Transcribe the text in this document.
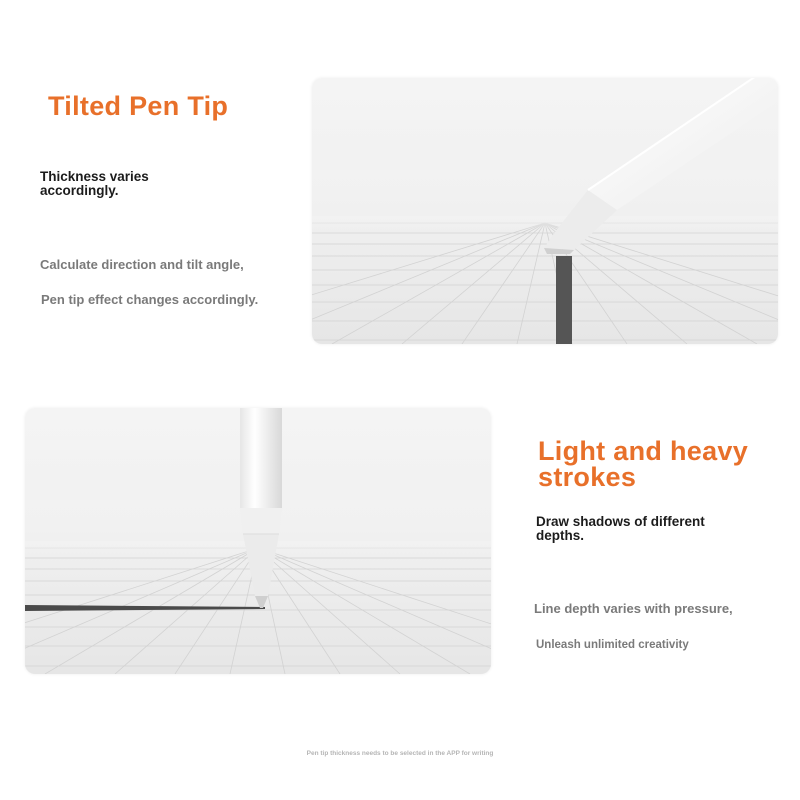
Tilted Pen Tip
Thickness varies
accordingly.
Calculate direction and tilt angle,
Pen tip effect changes accordingly.
Light and heavy
strokes
Draw shadows of different
depths.
Line depth varies with pressure,
Unleash unlimited creativity
Pen tip thickness needs to be selected in the APP for writing
